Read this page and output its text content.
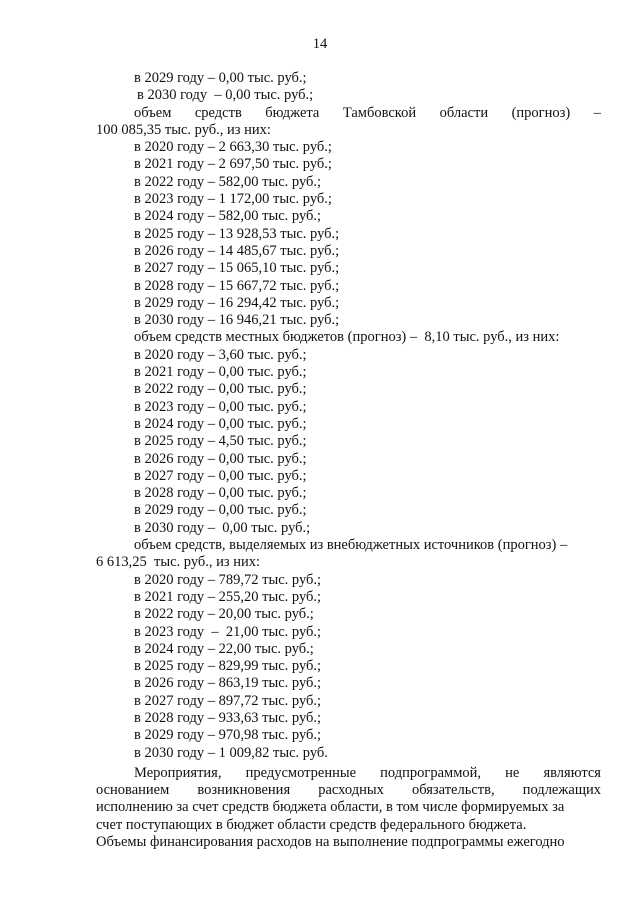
14
в 2029 году – 0,00 тыс. руб.;
в 2030 году  – 0,00 тыс. руб.;
объем средств бюджета Тамбовской области (прогноз) –
100 085,35 тыс. руб., из них:
в 2020 году – 2 663,30 тыс. руб.;
в 2021 году – 2 697,50 тыс. руб.;
в 2022 году – 582,00 тыс. руб.;
в 2023 году – 1 172,00 тыс. руб.;
в 2024 году – 582,00 тыс. руб.;
в 2025 году – 13 928,53 тыс. руб.;
в 2026 году – 14 485,67 тыс. руб.;
в 2027 году – 15 065,10 тыс. руб.;
в 2028 году – 15 667,72 тыс. руб.;
в 2029 году – 16 294,42 тыс. руб.;
в 2030 году – 16 946,21 тыс. руб.;
объем средств местных бюджетов (прогноз) –  8,10 тыс. руб., из них:
в 2020 году – 3,60 тыс. руб.;
в 2021 году – 0,00 тыс. руб.;
в 2022 году – 0,00 тыс. руб.;
в 2023 году – 0,00 тыс. руб.;
в 2024 году – 0,00 тыс. руб.;
в 2025 году – 4,50 тыс. руб.;
в 2026 году – 0,00 тыс. руб.;
в 2027 году – 0,00 тыс. руб.;
в 2028 году – 0,00 тыс. руб.;
в 2029 году – 0,00 тыс. руб.;
в 2030 году –  0,00 тыс. руб.;
объем средств, выделяемых из внебюджетных источников (прогноз) –
6 613,25  тыс. руб., из них:
в 2020 году – 789,72 тыс. руб.;
в 2021 году – 255,20 тыс. руб.;
в 2022 году – 20,00 тыс. руб.;
в 2023 году  –  21,00 тыс. руб.;
в 2024 году – 22,00 тыс. руб.;
в 2025 году – 829,99 тыс. руб.;
в 2026 году – 863,19 тыс. руб.;
в 2027 году – 897,72 тыс. руб.;
в 2028 году – 933,63 тыс. руб.;
в 2029 году – 970,98 тыс. руб.;
в 2030 году – 1 009,82 тыс. руб.
Мероприятия, предусмотренные подпрограммой, не являются
основанием возникновения расходных обязательств, подлежащих
исполнению за счет средств бюджета области, в том числе формируемых за
счет поступающих в бюджет области средств федерального бюджета.
Объемы финансирования расходов на выполнение подпрограммы ежегодно
